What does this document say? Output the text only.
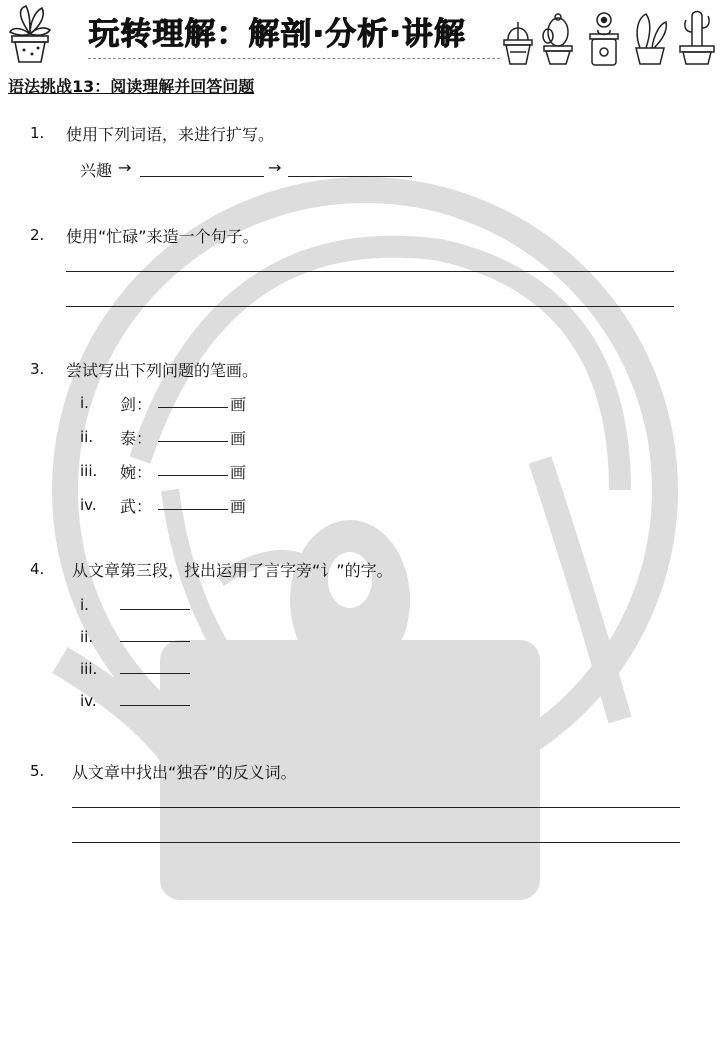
玩转理解：解剖·分析·讲解
语法挑战13：阅读理解并回答问题
1. 使用下列词语，来进行扩写。
兴趣 →	→
2. 使用“忙碌”来造一个句子。
3. 尝试写出下列问题的笔画。
i. 剑：	画
ii. 泰：	画
iii. 婉：	画
iv. 武：	画
4. 从文章第三段，找出运用了言字旁“讠”的字。
i.
ii.
iii.
iv.
5. 从文章中找出“独吞”的反义词。
